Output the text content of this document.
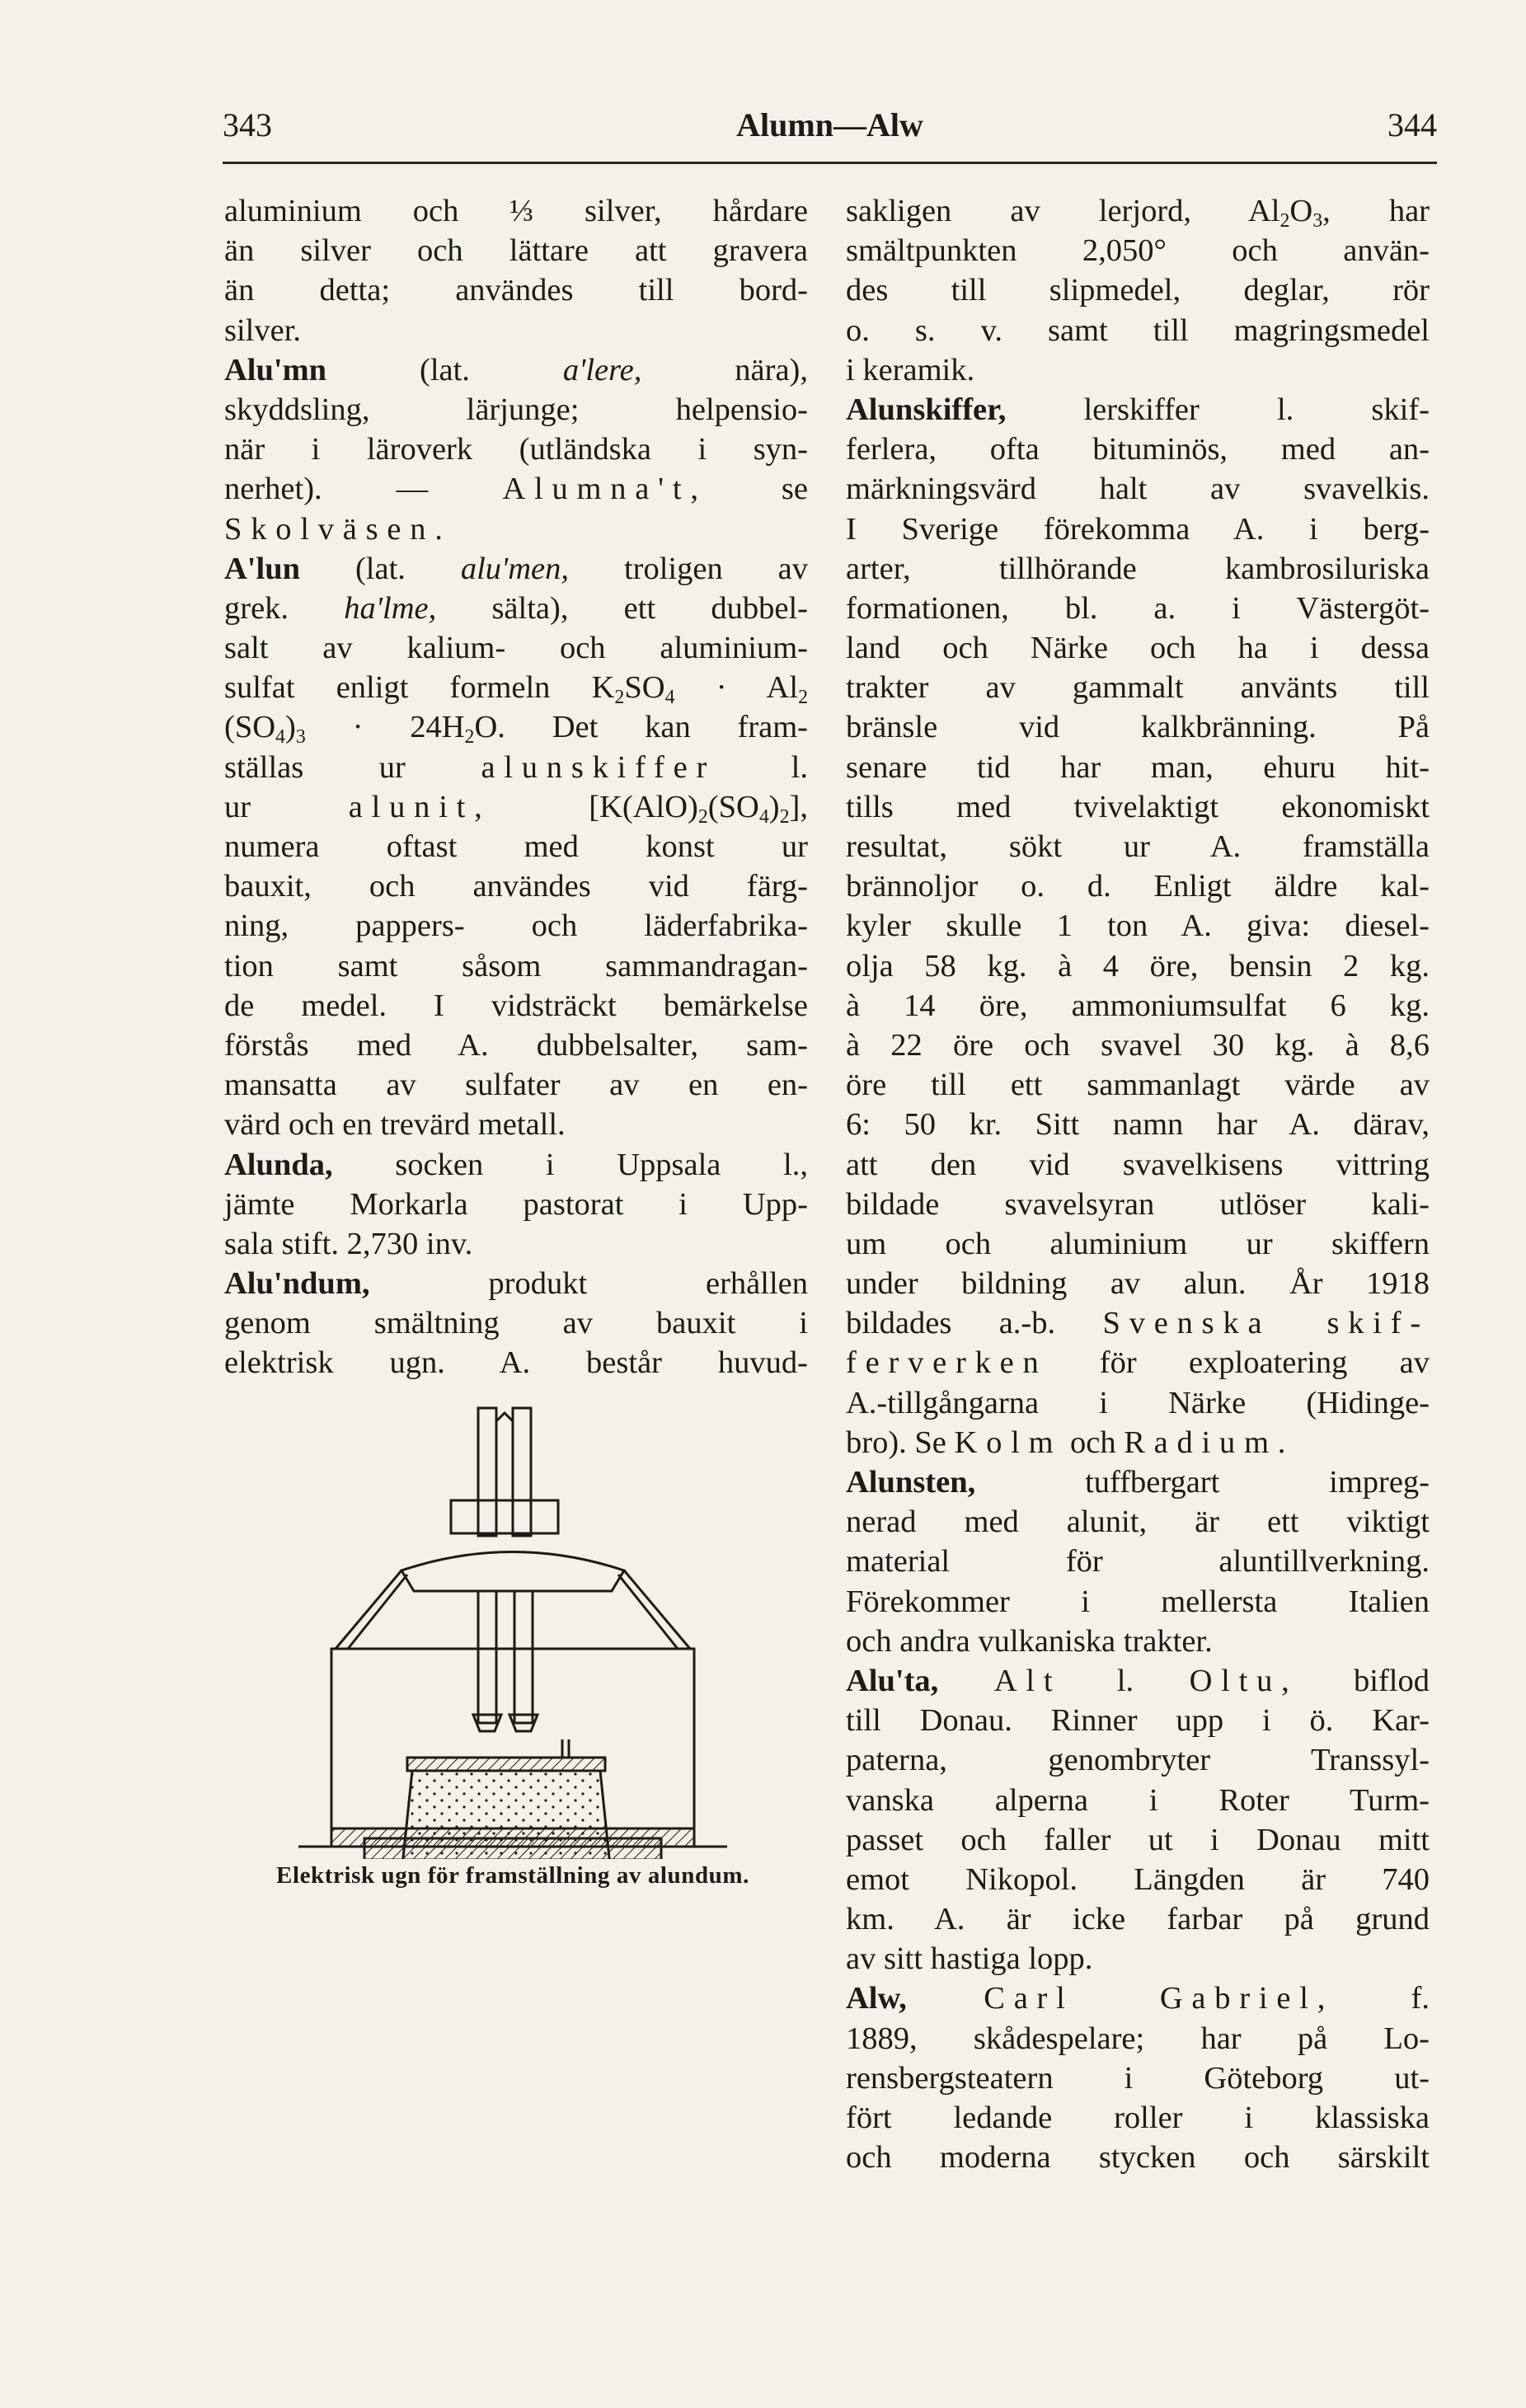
343	Alumn—Alw	344
aluminium och ⅓ silver, hårdare
än silver och lättare att gravera
än detta; användes till bord-
silver.
Alu'mn (lat. a'lere, nära),
skyddsling, lärjunge; helpensio-
när i läroverk (utländska i syn-
nerhet). — Alumna't, se
Skolväsen.
A'lun (lat. alu'men, troligen av
grek. ha'lme, sälta), ett dubbel-
salt av kalium- och aluminium-
sulfat enligt formeln $K_2SO_4 \cdot Al_2$
$(SO_4)_3 \cdot 24H_2O$. Det kan fram-
ställas ur alunskiffer l.
ur alunit, $[K(AlO)_2(SO_4)_2]$,
numera oftast med konst ur
bauxit, och användes vid färg-
ning, pappers- och läderfabrika-
tion samt såsom sammandragan-
de medel. I vidsträckt bemärkelse
förstås med A. dubbelsalter, sam-
mansatta av sulfater av en en-
värd och en trevärd metall.
Alunda, socken i Uppsala l.,
jämte Morkarla pastorat i Upp-
sala stift. 2,730 inv.
Alu'ndum, produkt erhållen
genom smältning av bauxit i
elektrisk ugn. A. består huvud-
sakligen av lerjord, $Al_2O_3$, har
smältpunkten 2,050° och använ-
des till slipmedel, deglar, rör
o. s. v. samt till magringsmedel
i keramik.
Alunskiffer, lerskiffer l. skif-
ferlera, ofta bituminös, med an-
märkningsvärd halt av svavelkis.
I Sverige förekomma A. i berg-
arter, tillhörande kambrosiluriska
formationen, bl. a. i Västergöt-
land och Närke och ha i dessa
trakter av gammalt använts till
bränsle vid kalkbränning. På
senare tid har man, ehuru hit-
tills med tvivelaktigt ekonomiskt
resultat, sökt ur A. framställa
brännoljor o. d. Enligt äldre kal-
kyler skulle 1 ton A. giva: diesel-
olja 58 kg. à 4 öre, bensin 2 kg.
à 14 öre, ammoniumsulfat 6 kg.
à 22 öre och svavel 30 kg. à 8,6
öre till ett sammanlagt värde av
6: 50 kr. Sitt namn har A. därav,
att den vid svavelkisens vittring
bildade svavelsyran utlöser kali-
um och aluminium ur skiffern
under bildning av alun. År 1918
bildades a.-b. Svenska skif-
ferverken för exploatering av
A.-tillgångarna i Närke (Hidinge-
bro). Se Kolm och Radium.
Alunsten, tuffbergart impreg-
nerad med alunit, är ett viktigt
material för aluntillverkning.
Förekommer i mellersta Italien
och andra vulkaniska trakter.
Alu'ta, Alt l. Oltu, biflod
till Donau. Rinner upp i ö. Kar-
paterna, genombryter Transsyl-
vanska alperna i Roter Turm-
passet och faller ut i Donau mitt
emot Nikopol. Längden är 740
km. A. är icke farbar på grund
av sitt hastiga lopp.
Alw, Carl Gabriel, f.
1889, skådespelare; har på Lo-
rensbergsteatern i Göteborg ut-
fört ledande roller i klassiska
och moderna stycken och särskilt
Elektrisk ugn för framställning av alundum.
